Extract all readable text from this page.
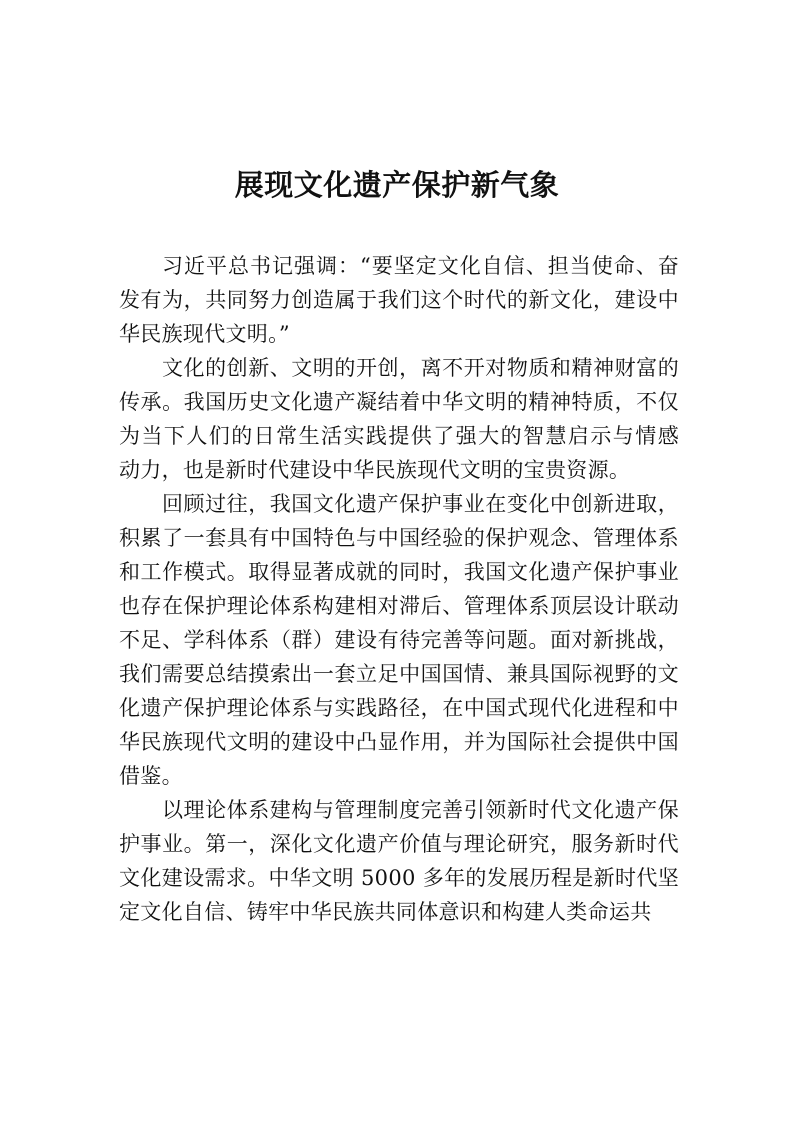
展现文化遗产保护新气象

习近平总书记强调：“要坚定文化自信、担当使命、奋发有为，共同努力创造属于我们这个时代的新文化，建设中华民族现代文明。”

文化的创新、文明的开创，离不开对物质和精神财富的传承。我国历史文化遗产凝结着中华文明的精神特质，不仅为当下人们的日常生活实践提供了强大的智慧启示与情感 动力，也是新时代建设中华民族现代文明的宝贵资源。

回顾过往，我国文化遗产保护事业在变化中创新进取，积累了一套具有中国特色与中国经验的保护观念、管理体系和工作模式。取得显著成就的同时，我国文化遗产保护事业也存在保护理论体系构建相对滞后、管理体系顶层设计联动不足、学科体系（群）建设有待完善等问题。面对新挑战， 我们需要总结摸索出一套立足中国国情、兼具国际视野的文化遗产保护理论体系与实践路径，在中国式现代化进程和中华民族现代文明的建设中凸显作用，并为国际社会提供中国借鉴。

以理论体系建构与管理制度完善引领新时代文化遗产保护事业。第一，深化文化遗产价值与理论研究，服务新时代文化建设需求。中华文明 5000 多年的发展历程是新时代坚定文化自信、铸牢中华民族共同体意识和构建人类命运共
